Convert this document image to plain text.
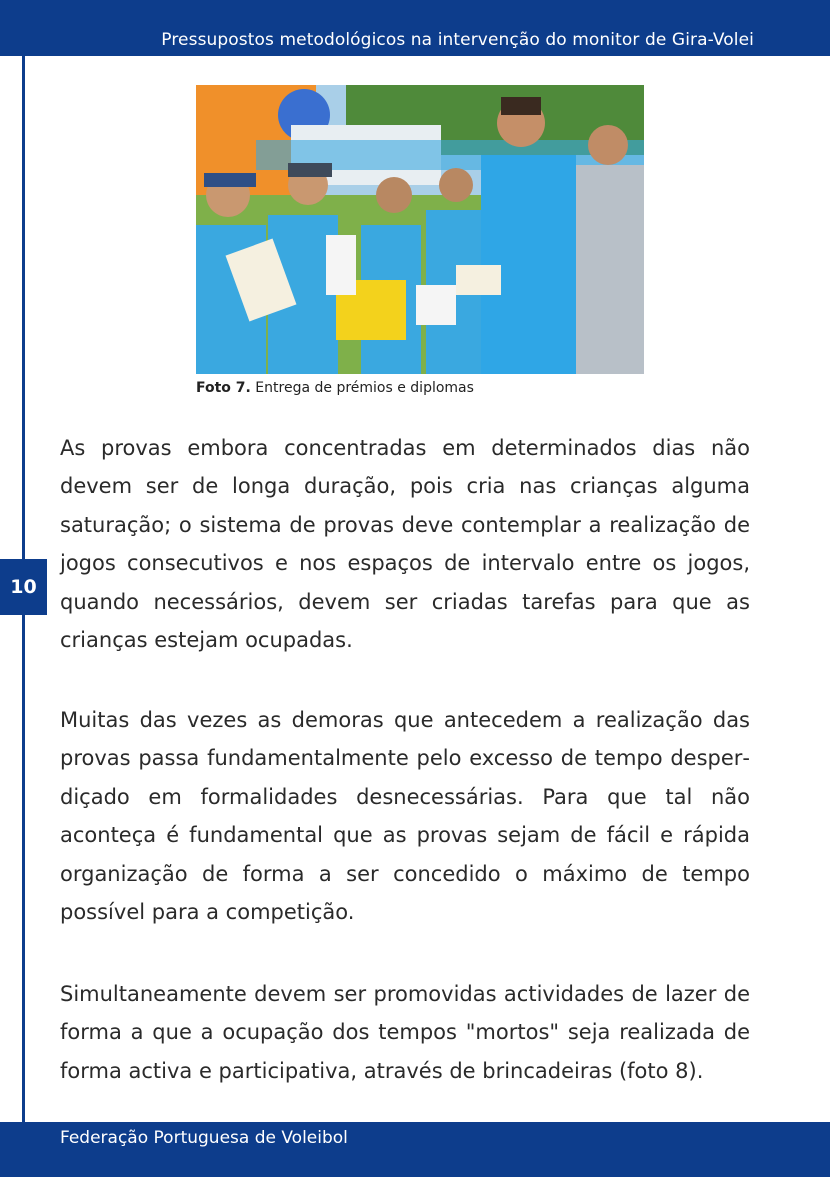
Pressupostos metodológicos na intervenção do monitor de Gira-Volei
10
Foto 7. Entrega de prémios e diplomas

As provas embora concentradas em determinados dias não devem ser de longa duração, pois cria nas crianças alguma saturação; o sistema de provas deve contemplar a realização de jogos consecutivos e nos espaços de intervalo entre os jogos, quando necessários, devem ser criadas tarefas para que as crianças estejam ocupadas.

Muitas das vezes as demoras que antecedem a realização das provas passa fundamentalmente pelo excesso de tempo desperdiçado em formalidades desnecessárias. Para que tal não aconteça é fundamental que as provas sejam de fácil e rápida organização de forma a ser concedido o máximo de tempo possível para a competição.

Simultaneamente devem ser promovidas actividades de lazer de forma a que a ocupação dos tempos "mortos" seja realizada de forma activa e participativa, através de brincadeiras (foto 8).

Federação Portuguesa de Voleibol
